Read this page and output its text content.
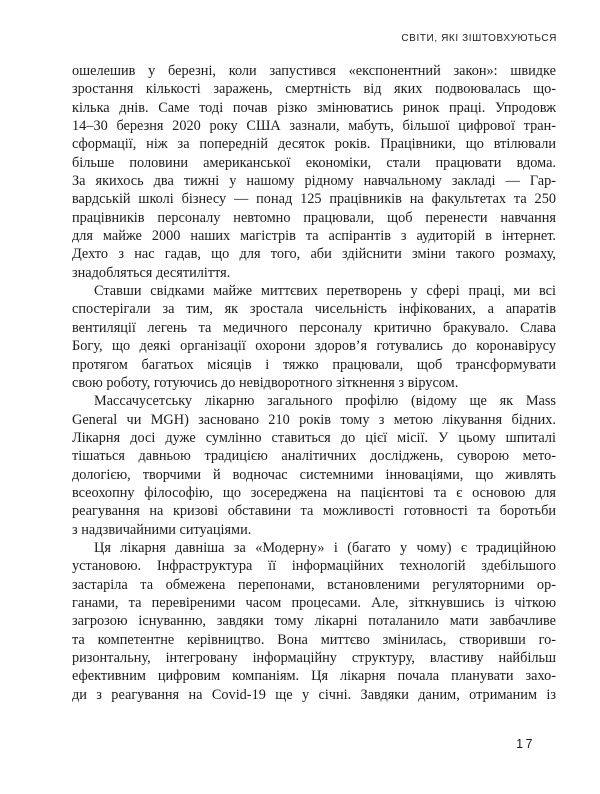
СВІТИ, ЯКІ ЗІШТОВХУЮТЬСЯ
ошелешив у березні, коли запустився «експонентний закон»: швидке
зростання кількості заражень, смертність від яких подвоювалась що-
кілька днів. Саме тоді почав різко змінюватись ринок праці. Упродовж
14–30 березня 2020 року США зазнали, мабуть, більшої цифрової тран-
сформації, ніж за попередній десяток років. Працівники, що втілювали
більше половини американської економіки, стали працювати вдома.
За якихось два тижні у нашому рідному навчальному закладі — Гар-
вардській школі бізнесу — понад 125 працівників на факультетах та 250
працівників персоналу невтомно працювали, щоб перенести навчання
для майже 2000 наших магістрів та аспірантів з аудиторій в інтернет.
Дехто з нас гадав, що для того, аби здійснити зміни такого розмаху,
знадобляться десятиліття.
Ставши свідками майже миттєвих перетворень у сфері праці, ми всі
спостерігали за тим, як зростала чисельність інфікованих, а апаратів
вентиляції легень та медичного персоналу критично бракувало. Слава
Богу, що деякі організації охорони здоров’я готувались до коронавірусу
протягом багатьох місяців і тяжко працювали, щоб трансформувати
свою роботу, готуючись до невідворотного зіткнення з вірусом.
Массачусетську лікарню загального профілю (відому ще як Mass
General чи MGH) засновано 210 років тому з метою лікування бідних.
Лікарня досі дуже сумлінно ставиться до цієї місії. У цьому шпиталі
тішаться давньою традицією аналітичних досліджень, суворою мето-
дологією, творчими й водночас системними інноваціями, що живлять
всеохопну філософію, що зосереджена на пацієнтові та є основою для
реагування на кризові обставини та можливості готовності та боротьби
з надзвичайними ситуаціями.
Ця лікарня давніша за «Модерну» і (багато у чому) є традиційною
установою. Інфраструктура її інформаційних технологій здебільшого
застаріла та обмежена перепонами, встановленими регуляторними ор-
ганами, та перевіреними часом процесами. Але, зіткнувшись із чіткою
загрозою існуванню, завдяки тому лікарні поталанило мати завбачливе
та компетентне керівництво. Вона миттєво змінилась, створивши го-
ризонтальну, інтегровану інформаційну структуру, властиву найбільш
ефективним цифровим компаніям. Ця лікарня почала планувати захо-
ди з реагування на Covid-19 ще у січні. Завдяки даним, отриманим із
17
